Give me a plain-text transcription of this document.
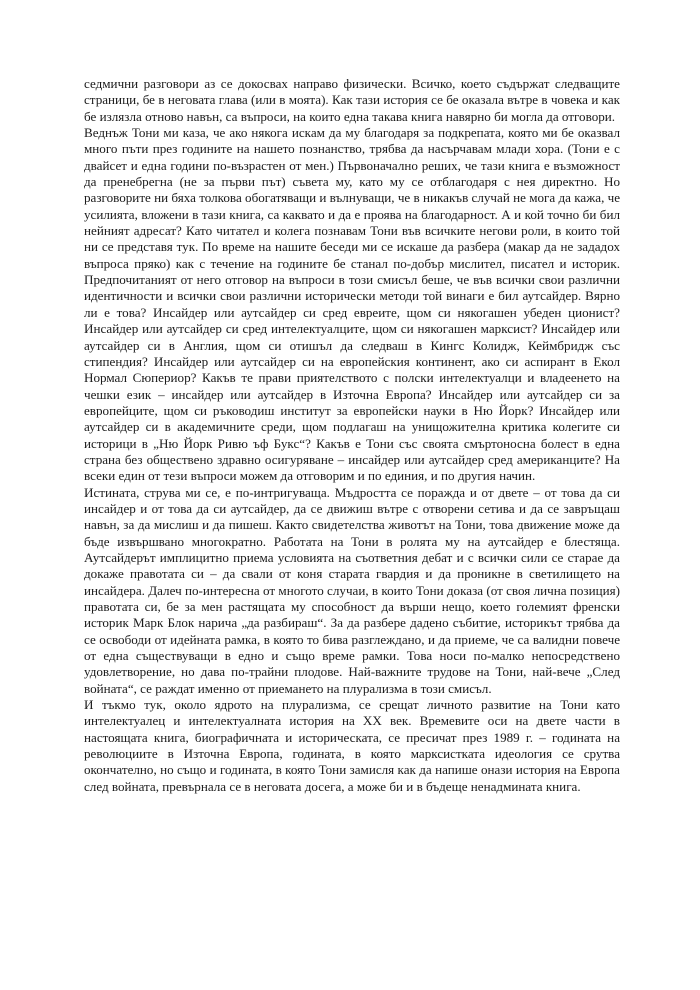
седмични разговори аз се докосвах направо физически. Всичко, което съдържат следващите страници, бе в неговата глава (или в моята). Как тази история се бе оказала вътре в човека и как бе излязла отново навън, са въпроси, на които една такава книга навярно би могла да отговори.

Веднъж Тони ми каза, че ако някога искам да му благодаря за подкрепата, която ми бе оказвал много пъти през годините на нашето познанство, трябва да насърчавам млади хора. (Тони е с двайсет и една години по-възрастен от мен.) Първоначално реших, че тази книга е възможност да пренебрегна (не за първи път) съвета му, като му се отблагодаря с нея директно. Но разговорите ни бяха толкова обогатяващи и вълнуващи, че в никакъв случай не мога да кажа, че усилията, вложени в тази книга, са каквато и да е проява на благодарност. А и кой точно би бил нейният адресат? Като читател и колега познавам Тони във всичките негови роли, в които той ни се представя тук. По време на нашите беседи ми се искаше да разбера (макар да не зададох въпроса пряко) как с течение на годините бе станал по-добър мислител, писател и историк. Предпочитаният от него отговор на въпроси в този смисъл беше, че във всички свои различни идентичности и всички свои различни исторически методи той винаги е бил аутсайдер. Вярно ли е това? Инсайдер или аутсайдер си сред евреите, щом си някогашен убеден ционист? Инсайдер или аутсайдер си сред интелектуалците, щом си някогашен марксист? Инсайдер или аутсайдер си в Англия, щом си отишъл да следваш в Кингс Колидж, Кеймбридж със стипендия? Инсайдер или аутсайдер си на европейския континент, ако си аспирант в Екол Нормал Сюпериор? Какъв те прави приятелството с полски интелектуалци и владеенето на чешки език – инсайдер или аутсайдер в Източна Европа? Инсайдер или аутсайдер си за европейците, щом си ръководиш институт за европейски науки в Ню Йорк? Инсайдер или аутсайдер си в академичните среди, щом подлагаш на унищожителна критика колегите си историци в „Ню Йорк Ривю ъф Букс“? Какъв е Тони със своята смъртоносна болест в една страна без обществено здравно осигуряване – инсайдер или аутсайдер сред американците? На всеки един от тези въпроси можем да отговорим и по единия, и по другия начин.

Истината, струва ми се, е по-интригуваща. Мъдростта се поражда и от двете – от това да си инсайдер и от това да си аутсайдер, да се движиш вътре с отворени сетива и да се завръщаш навън, за да мислиш и да пишеш. Както свидетелства животът на Тони, това движение може да бъде извършвано многократно. Работата на Тони в ролята му на аутсайдер е блестяща. Аутсайдерът имплицитно приема условията на съответния дебат и с всички сили се старае да докаже правотата си – да свали от коня старата гвардия и да проникне в светилището на инсайдера. Далеч по-интересна от многото случаи, в които Тони доказа (от своя лична позиция) правотата си, бе за мен растящата му способност да върши нещо, което големият френски историк Марк Блок нарича „да разбираш“. За да разбере дадено събитие, историкът трябва да се освободи от идейната рамка, в която то бива разглеждано, и да приеме, че са валидни повече от една съществуващи в едно и също време рамки. Това носи по-малко непосредствено удовлетворение, но дава по-трайни плодове. Най-важните трудове на Тони, най-вече „След войната“, се раждат именно от приемането на плурализма в този смисъл.

И тъкмо тук, около ядрото на плурализма, се срещат личното развитие на Тони като интелектуалец и интелектуалната история на ХХ век. Времевите оси на двете части в настоящата книга, биографичната и историческата, се пресичат през 1989 г. – годината на революциите в Източна Европа, годината, в която марксистката идеология се срутва окончателно, но също и годината, в която Тони замисля как да напише онази история на Европа след войната, превърнала се в неговата досега, а може би и в бъдеще ненадмината книга.
